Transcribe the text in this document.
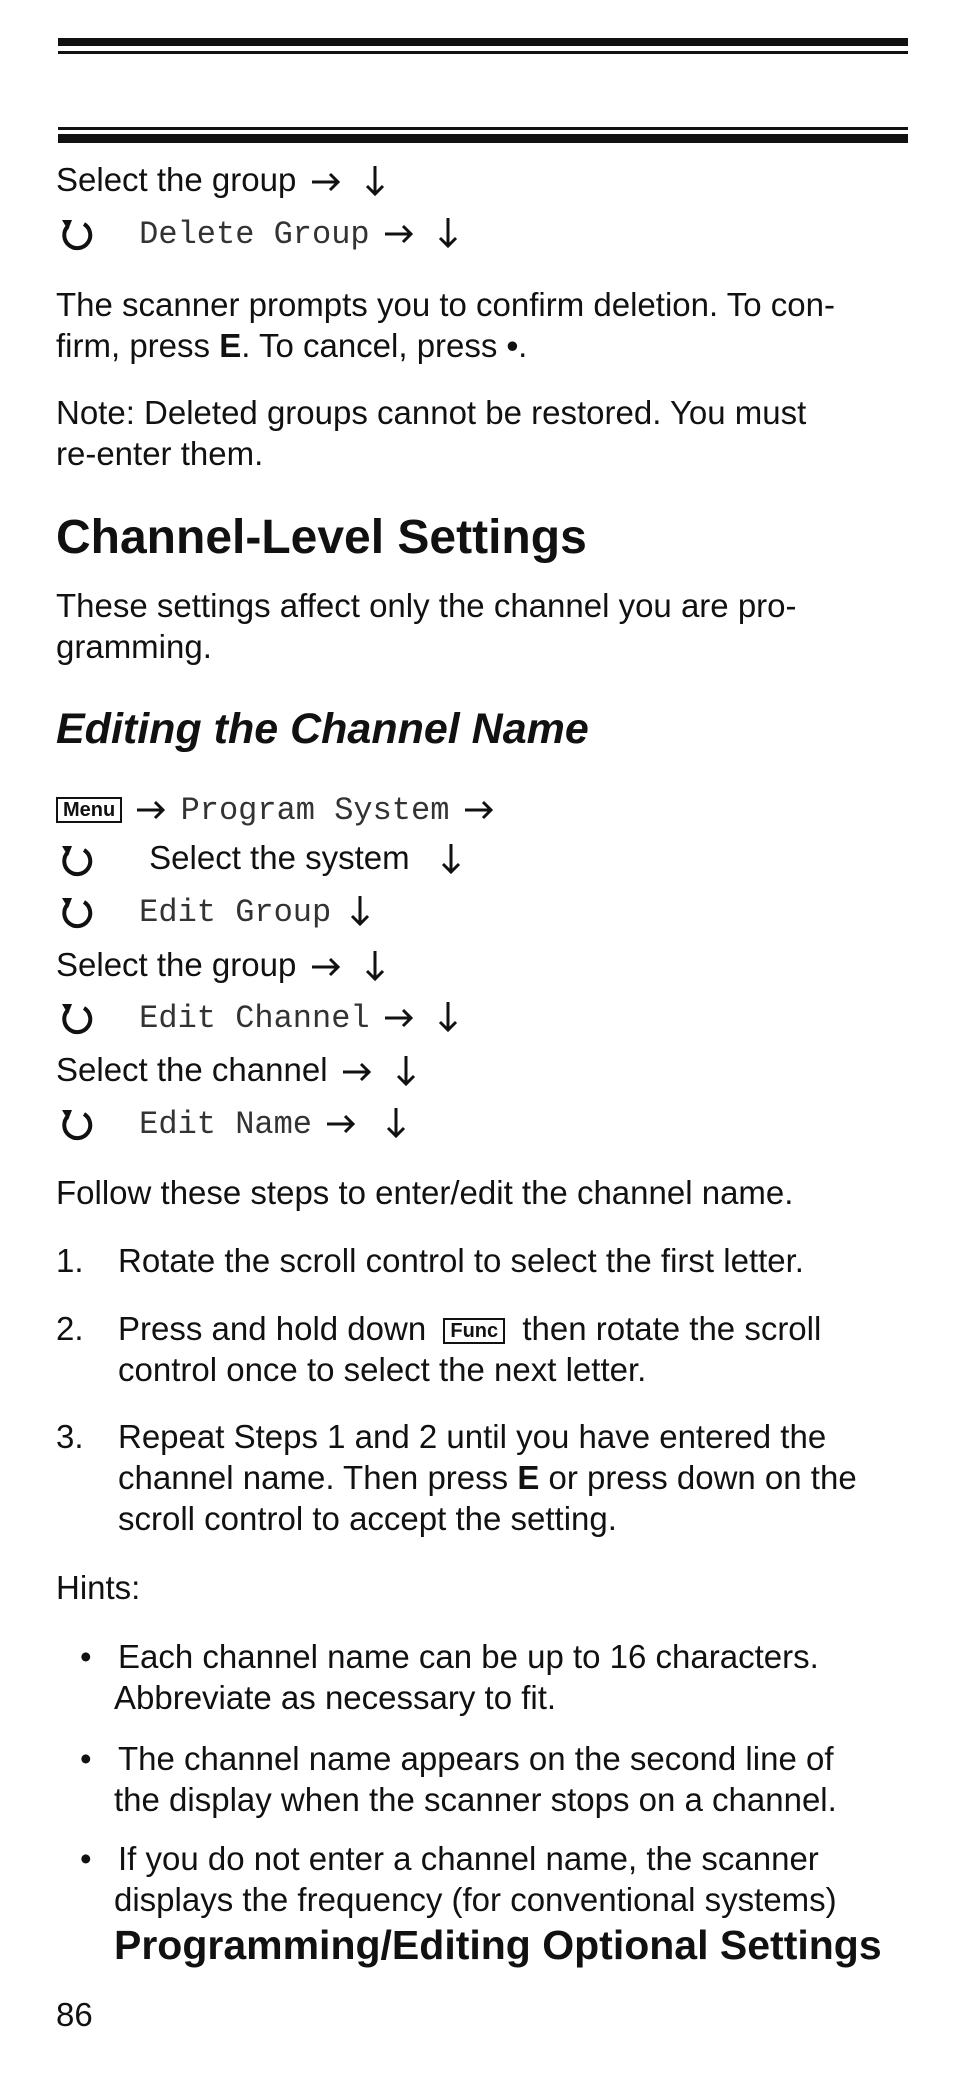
Select the group
Delete Group
The scanner prompts you to confirm deletion. To con-
firm, press E. To cancel, press •.
Note: Deleted groups cannot be restored. You must
re-enter them.
Channel-Level Settings
These settings affect only the channel you are pro-
gramming.
Editing the Channel Name
Menu Program System
Select the system
Edit Group
Select the group
Edit Channel
Select the channel
Edit Name
Follow these steps to enter/edit the channel name.
1. Rotate the scroll control to select the first letter.
2. Press and hold down Func then rotate the scroll
control once to select the next letter.
3. Repeat Steps 1 and 2 until you have entered the
channel name. Then press E or press down on the
scroll control to accept the setting.
Hints:
• Each channel name can be up to 16 characters.
Abbreviate as necessary to fit.
• The channel name appears on the second line of
the display when the scanner stops on a channel.
• If you do not enter a channel name, the scanner
displays the frequency (for conventional systems)
Programming/Editing Optional Settings
86
